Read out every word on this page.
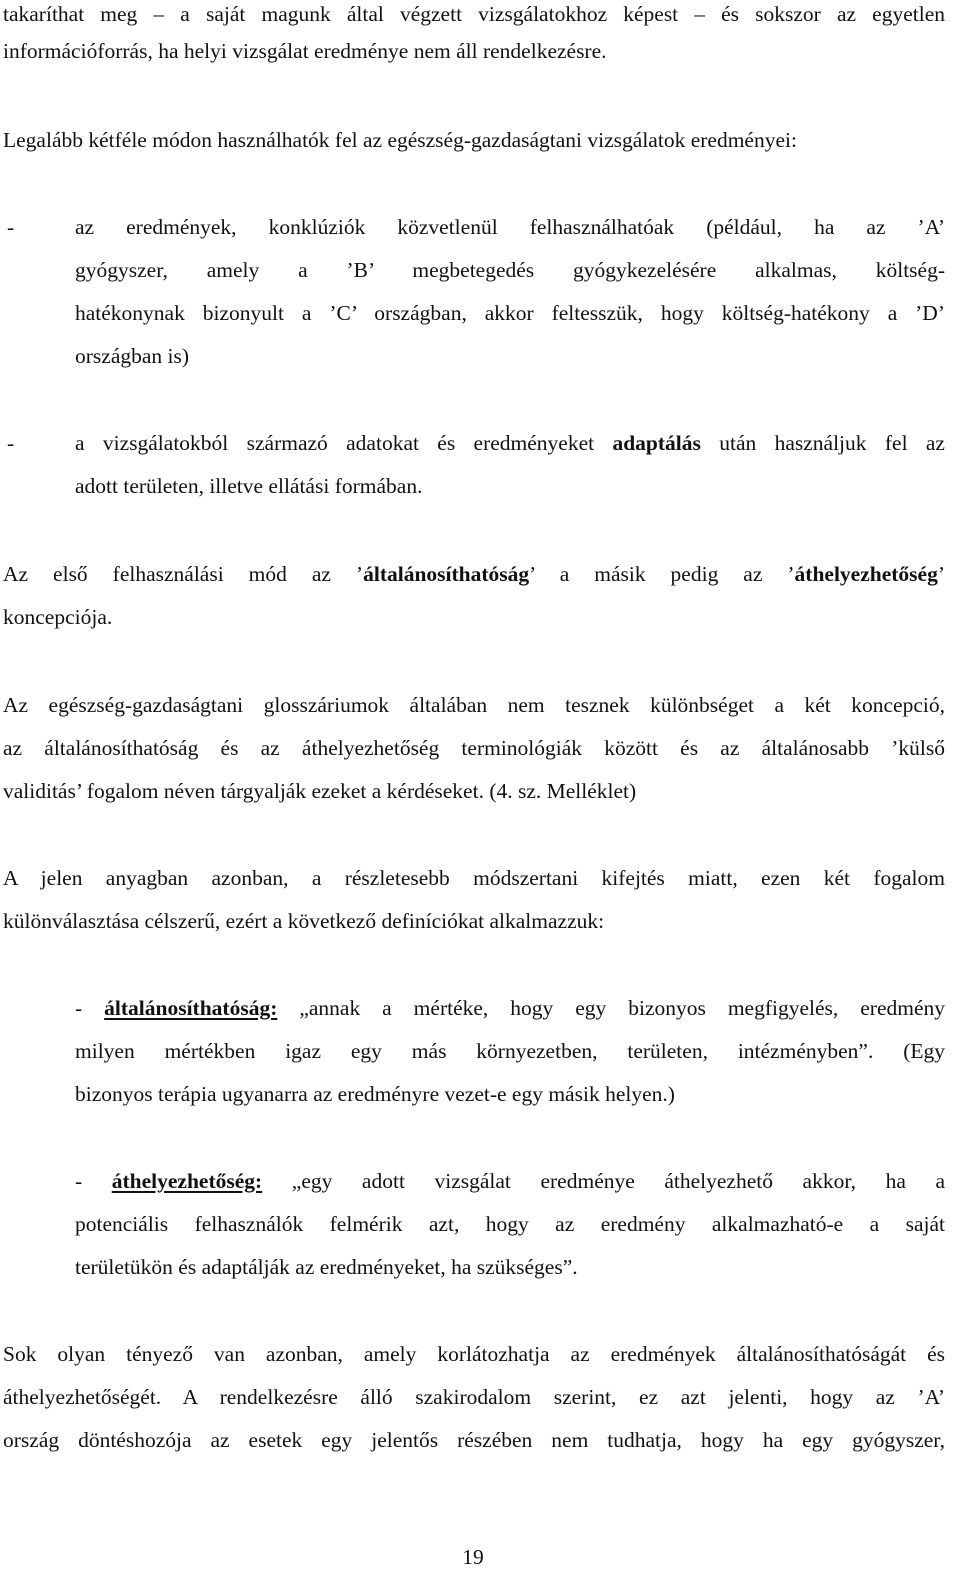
takaríthat meg – a saját magunk által végzett vizsgálatokhoz képest – és sokszor az egyetlen
információforrás, ha helyi vizsgálat eredménye nem áll rendelkezésre.
Legalább kétféle módon használhatók fel az egészség-gazdaságtani vizsgálatok eredményei:
-	az eredmények, konklúziók közvetlenül felhasználhatóak (például, ha az ’A’
gyógyszer, amely a ’B’ megbetegedés gyógykezelésére alkalmas, költség-
hatékonynak bizonyult a ’C’ országban, akkor feltesszük, hogy költség-hatékony a ’D’
országban is)
-	a vizsgálatokból származó adatokat és eredményeket adaptálás után használjuk fel az
adott területen, illetve ellátási formában.
Az első felhasználási mód az ’általánosíthatóság’ a másik pedig az ’áthelyezhetőség’
koncepciója.
Az egészség-gazdaságtani glosszáriumok általában nem tesznek különbséget a két koncepció,
az általánosíthatóság és az áthelyezhetőség terminológiák között és az általánosabb ’külső
validitás’ fogalom néven tárgyalják ezeket a kérdéseket. (4. sz. Melléklet)
A jelen anyagban azonban, a részletesebb módszertani kifejtés miatt, ezen két fogalom
különválasztása célszerű, ezért a következő definíciókat alkalmazzuk:
- általánosíthatóság: „annak a mértéke, hogy egy bizonyos megfigyelés, eredmény
milyen mértékben igaz egy más környezetben, területen, intézményben”. (Egy
bizonyos terápia ugyanarra az eredményre vezet-e egy másik helyen.)
- áthelyezhetőség: „egy adott vizsgálat eredménye áthelyezhető akkor, ha a
potenciális felhasználók felmérik azt, hogy az eredmény alkalmazható-e a saját
területükön és adaptálják az eredményeket, ha szükséges”.
Sok olyan tényező van azonban, amely korlátozhatja az eredmények általánosíthatóságát és
áthelyezhetőségét. A rendelkezésre álló szakirodalom szerint, ez azt jelenti, hogy az ’A’
ország döntéshozója az esetek egy jelentős részében nem tudhatja, hogy ha egy gyógyszer,
19
